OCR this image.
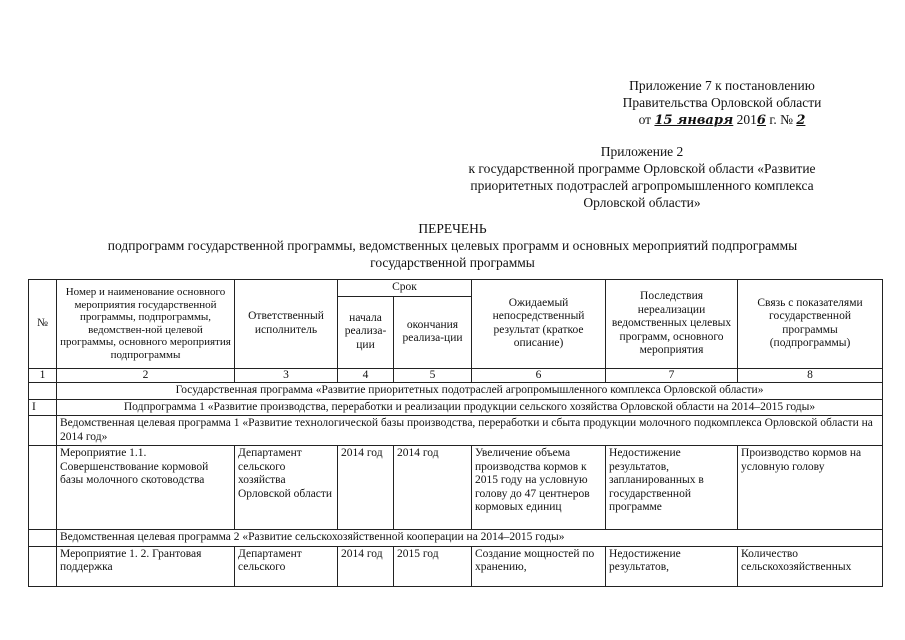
Приложение 7 к постановлению
Правительства Орловской области
от 15 января 2016 г. № 2
Приложение 2
к государственной программе Орловской области «Развитие
приоритетных подотраслей агропромышленного комплекса
Орловской области»
ПЕРЕЧЕНЬ
подпрограмм государственной программы, ведомственных целевых программ и основных мероприятий подпрограммы
государственной программы
№	Номер и наименование основного мероприятия государственной программы, подпрограммы, ведомствен-ной целевой программы, основного мероприятия подпрограммы	Ответственный исполнитель	Срок		Ожидаемый непосредственный результат (краткое описание)	Последствия нереализации ведомственных целевых программ, основного мероприятия	Связь с показателями государственной программы (подпрограммы)
			начала реализа-ции	окончания реализа-ции			
1	2	3	4	5	6	7	8
	Государственная программа «Развитие приоритетных подотраслей агропромышленного комплекса Орловской области»						
I	Подпрограмма 1 «Развитие производства, переработки и реализации продукции сельского хозяйства Орловской области на 2014–2015 годы»						
	Ведомственная целевая программа 1 «Развитие технологической базы производства, переработки и сбыта продукции молочного подкомплекса Орловской области на 2014 год»						
	Мероприятие 1.1. Совершенствование кормовой базы молочного скотоводства	Департамент сельского хозяйства Орловской области	2014 год	2014 год	Увеличение объема производства кормов к 2015 году на условную голову до 47 центнеров кормовых единиц	Недостижение результатов, запланированных в государственной программе	Производство кормов на условную голову
	Ведомственная целевая программа 2 «Развитие сельскохозяйственной кооперации на 2014–2015 годы»						
	Мероприятие 1. 2. Грантовая поддержка	Департамент сельского	2014 год	2015 год	Создание мощностей по хранению,	Недостижение результатов,	Количество сельскохозяйственных
